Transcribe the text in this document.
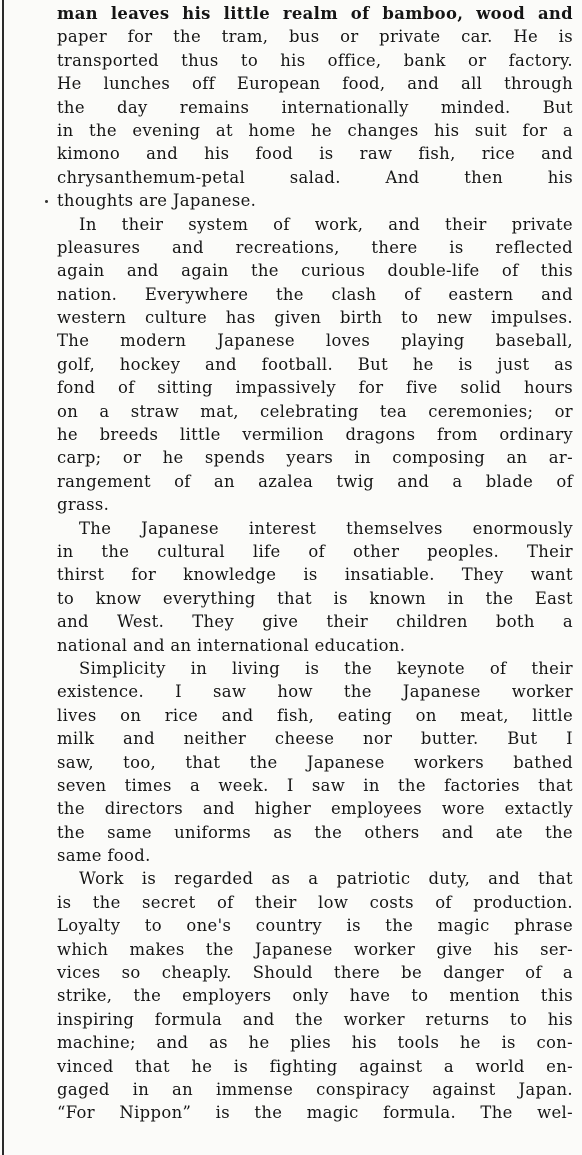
man leaves his little realm of bamboo, wood and
paper for the tram, bus or private car. He is
transported thus to his office, bank or factory.
He lunches off European food, and all through
the day remains internationally minded. But
in the evening at home he changes his suit for a
kimono and his food is raw fish, rice and
chrysanthemum-petal salad. And then his
thoughts are Japanese.
In their system of work, and their private
pleasures and recreations, there is reflected
again and again the curious double-life of this
nation. Everywhere the clash of eastern and
western culture has given birth to new impulses.
The modern Japanese loves playing baseball,
golf, hockey and football. But he is just as
fond of sitting impassively for five solid hours
on a straw mat, celebrating tea ceremonies; or
he breeds little vermilion dragons from ordinary
carp; or he spends years in composing an ar-
rangement of an azalea twig and a blade of
grass.
The Japanese interest themselves enormously
in the cultural life of other peoples. Their
thirst for knowledge is insatiable. They want
to know everything that is known in the East
and West. They give their children both a
national and an international education.
Simplicity in living is the keynote of their
existence. I saw how the Japanese worker
lives on rice and fish, eating on meat, little
milk and neither cheese nor butter. But I
saw, too, that the Japanese workers bathed
seven times a week. I saw in the factories that
the directors and higher employees wore extactly
the same uniforms as the others and ate the
same food.
Work is regarded as a patriotic duty, and that
is the secret of their low costs of production.
Loyalty to one's country is the magic phrase
which makes the Japanese worker give his ser-
vices so cheaply. Should there be danger of a
strike, the employers only have to mention this
inspiring formula and the worker returns to his
machine; and as he plies his tools he is con-
vinced that he is fighting against a world en-
gaged in an immense conspiracy against Japan.
“For Nippon” is the magic formula. The wel-
